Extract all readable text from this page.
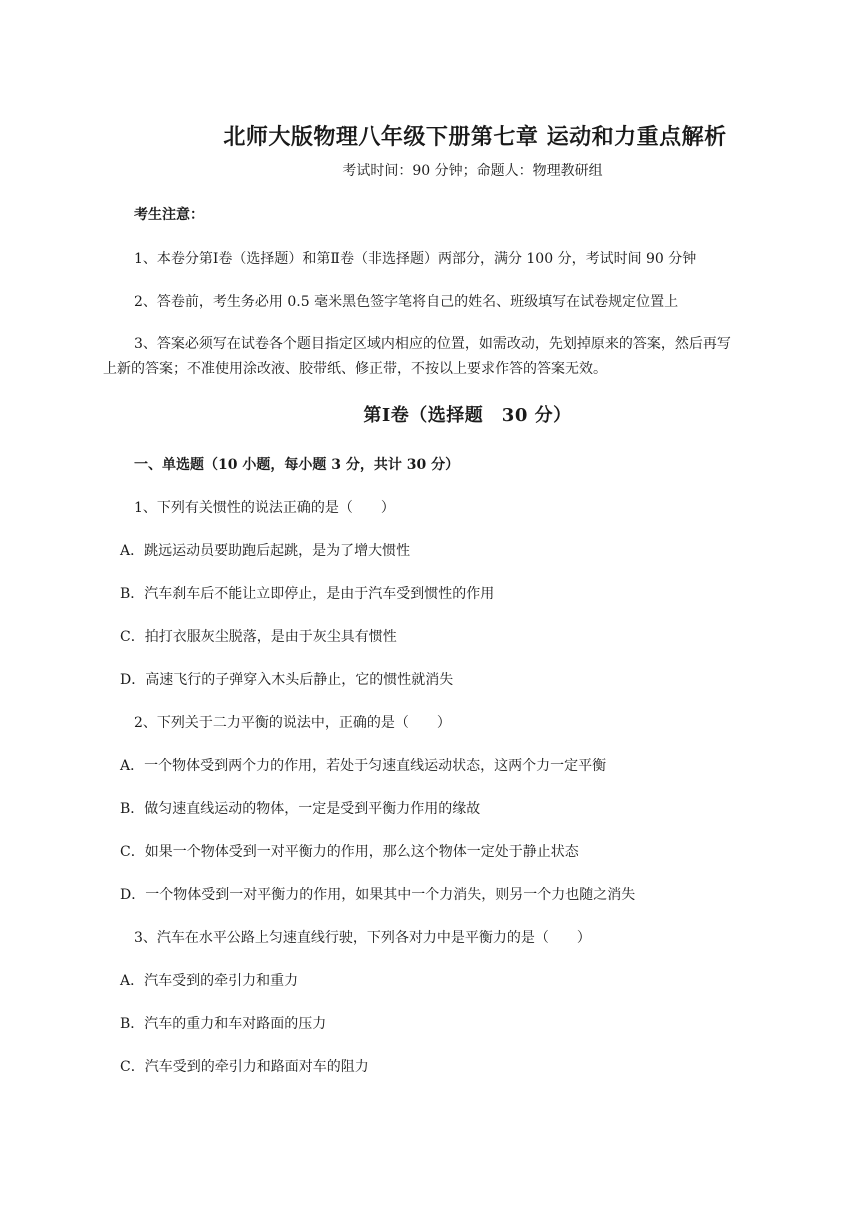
北师大版物理八年级下册第七章 运动和力重点解析
考试时间：90 分钟；命题人：物理教研组
考生注意：
1、本卷分第Ⅰ卷（选择题）和第Ⅱ卷（非选择题）两部分，满分 100 分，考试时间 90 分钟
2、答卷前，考生务必用 0.5 毫米黑色签字笔将自己的姓名、班级填写在试卷规定位置上
3、答案必须写在试卷各个题目指定区域内相应的位置，如需改动，先划掉原来的答案，然后再写
上新的答案；不准使用涂改液、胶带纸、修正带，不按以上要求作答的答案无效。
第Ⅰ卷（选择题　30 分）
一、单选题（10 小题，每小题 3 分，共计 30 分）
1、下列有关惯性的说法正确的是（　　）
A．跳远运动员要助跑后起跳，是为了增大惯性
B．汽车刹车后不能让立即停止，是由于汽车受到惯性的作用
C．拍打衣服灰尘脱落，是由于灰尘具有惯性
D．高速飞行的子弹穿入木头后静止，它的惯性就消失
2、下列关于二力平衡的说法中，正确的是（　　）
A．一个物体受到两个力的作用，若处于匀速直线运动状态，这两个力一定平衡
B．做匀速直线运动的物体，一定是受到平衡力作用的缘故
C．如果一个物体受到一对平衡力的作用，那么这个物体一定处于静止状态
D．一个物体受到一对平衡力的作用，如果其中一个力消失，则另一个力也随之消失
3、汽车在水平公路上匀速直线行驶，下列各对力中是平衡力的是（　　）
A．汽车受到的牵引力和重力
B．汽车的重力和车对路面的压力
C．汽车受到的牵引力和路面对车的阻力
